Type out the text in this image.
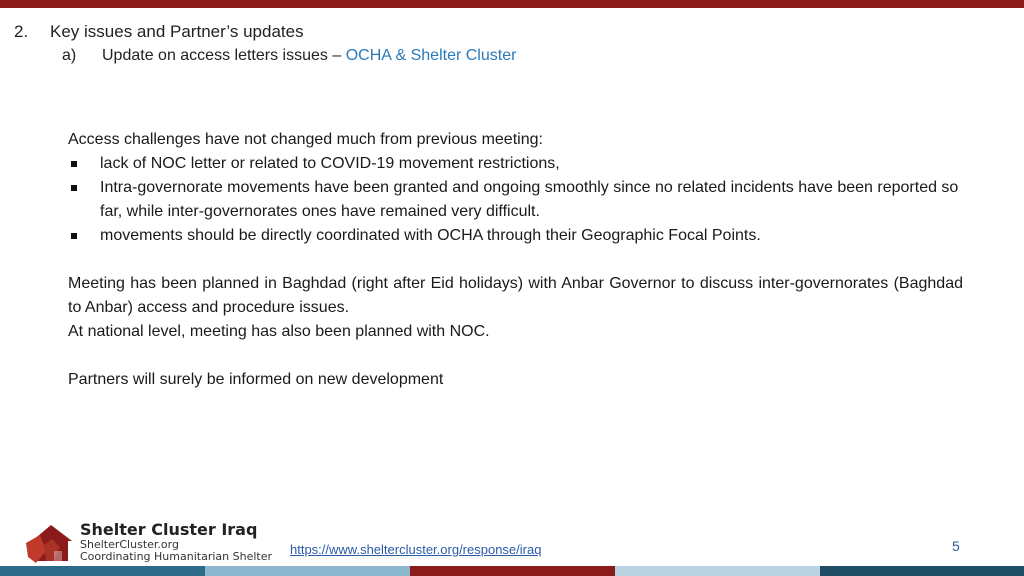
2. Key issues and Partner’s updates
a) Update on access letters issues – OCHA & Shelter Cluster

Access challenges have not changed much from previous meeting:

lack of NOC letter or related to COVID-19 movement restrictions,
Intra-governorate movements have been granted and ongoing smoothly since no related incidents have been reported so far, while inter-governorates ones have remained very difficult.
movements should be directly coordinated with OCHA through their Geographic Focal Points.

Meeting has been planned in Baghdad (right after Eid holidays) with Anbar Governor to discuss inter-governorates (Baghdad to Anbar) access and procedure issues.

At national level, meeting has also been planned with NOC.

Partners will surely be informed on new development

Shelter Cluster Iraq
ShelterCluster.org
Coordinating Humanitarian Shelter https://www.sheltercluster.org/response/iraq	5
